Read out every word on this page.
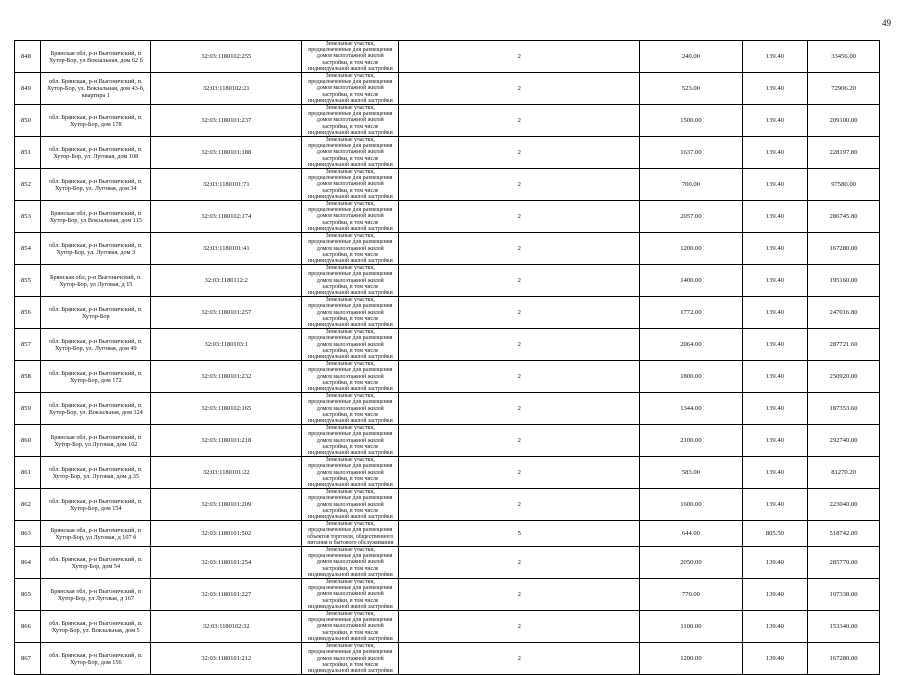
49
848	Брянская обл, р-н Выгоничский, п Хутор-Бор, ул Вокзальная, дом 62 б	32:03:1180102:255	Земельные участки, предназначенные для размещения домов малоэтажной жилой застройки, в том числе индивидуальной жилой застройки	2	240.00	139.40	33456.00
849	обл. Брянская, р-н Выгоничский, п. Хутор-Бор, ул. Вокзальная, дом 43-б, квартира 1	32:03:1180102:21	Земельные участки, предназначенные для размещения домов малоэтажной жилой застройки, в том числе индивидуальной жилой застройки	2	523.00	139.40	72906.20
850	обл. Брянская, р-н Выгоничский, п. Хутор-Бор, дом 178	32:03:1180101:237	Земельные участки, предназначенные для размещения домов малоэтажной жилой застройки, в том числе индивидуальной жилой застройки	2	1500.00	139.40	209100.00
851	обл. Брянская, р-н Выгоничский, п. Хутор-Бор, ул. Луговая, дом 108	32:03:1180101:188	Земельные участки, предназначенные для размещения домов малоэтажной жилой застройки, в том числе индивидуальной жилой застройки	2	1637.00	139.40	228197.80
852	обл. Брянская, р-н Выгоничский, п. Хутор-Бор, ул. Луговая, дом 34	32:03:1180101:71	Земельные участки, предназначенные для размещения домов малоэтажной жилой застройки, в том числе индивидуальной жилой застройки	2	700.00	139.40	97580.00
853	Брянская обл, р-н Выгоничский, п Хутор-Бор, ул Вокзальная, дом 115	32:03:1180102:174	Земельные участки, предназначенные для размещения домов малоэтажной жилой застройки, в том числе индивидуальной жилой застройки	2	2057.00	139.40	286745.80
854	обл. Брянская, р-н Выгоничский, п. Хутор-Бор, ул. Луговая, дом 3	32:03:1180101:41	Земельные участки, предназначенные для размещения домов малоэтажной жилой застройки, в том числе индивидуальной жилой застройки	2	1200.00	139.40	167280.00
855	Брянская обл, р-н Выгоничский, п. Хутор-Бор, ул Луговая, д 15	32:03:1180112:2	Земельные участки, предназначенные для размещения домов малоэтажной жилой застройки, в том числе индивидуальной жилой застройки	2	1400.00	139.40	195160.00
856	обл. Брянская, р-н Выгоничский, п. Хутор-Бор	32:03:1180101:257	Земельные участки, предназначенные для размещения домов малоэтажной жилой застройки, в том числе индивидуальной жилой застройки	2	1772.00	139.40	247016.80
857	обл. Брянская, р-н Выгоничский, п. Хутор-Бор, ул. Луговая, дом 49	32:03:1180103:1	Земельные участки, предназначенные для размещения домов малоэтажной жилой застройки, в том числе индивидуальной жилой застройки	2	2064.00	139.40	287721.60
858	обл. Брянская, р-н Выгоничский, п. Хутор-Бор, дом 172	32:03:1180101:232	Земельные участки, предназначенные для размещения домов малоэтажной жилой застройки, в том числе индивидуальной жилой застройки	2	1800.00	139.40	250920.00
859	обл. Брянская, р-н Выгоничский, п. Хутор-Бор, ул. Вокзальная, дом 124	32:03:1180102:165	Земельные участки, предназначенные для размещения домов малоэтажной жилой застройки, в том числе индивидуальной жилой застройки	2	1344.00	139.40	187353.60
860	Брянская обл, р-н Выгоничский, п Хутор-Бор, ул Луговая, дом 162	32:03:1180101:218	Земельные участки, предназначенные для размещения домов малоэтажной жилой застройки, в том числе индивидуальной жилой застройки	2	2100.00	139.40	292740.00
861	обл. Брянская, р-н Выгоничский, п. Хутор-Бор, ул. Луговая, дом д.35	32:03:1180101:22	Земельные участки, предназначенные для размещения домов малоэтажной жилой застройки, в том числе индивидуальной жилой застройки	2	583.00	139.40	81270.20
862	обл. Брянская, р-н Выгоничский, п. Хутор-Бор, дом 154	32:03:1180101:209	Земельные участки, предназначенные для размещения домов малоэтажной жилой застройки, в том числе индивидуальной жилой застройки	2	1600.00	139.40	223040.00
863	Брянская обл, р-н Выгоничский, п Хутор-Бор, ул Луговая, д 107 б	32:03:1180101:502	Земельные участки, предназначенные для размещения объектов торговли, общественного питания и бытового обслуживания	5	644.00	805.50	518742.00
864	обл. Брянская, р-н Выгоничский, п. Хутор-Бор, дом 54	32:03:1180101:254	Земельные участки, предназначенные для размещения домов малоэтажной жилой застройки, в том числе индивидуальной жилой застройки	2	2050.00	139.40	285770.00
865	Брянская обл, р-н Выгоничский, п Хутор-Бор, ул Луговая, д 167	32:03:1180101:227	Земельные участки, предназначенные для размещения домов малоэтажной жилой застройки, в том числе индивидуальной жилой застройки	2	770.00	139.40	107338.00
866	обл. Брянская, р-н Выгоничский, п. Хутор-Бор, ул. Вокзальная, дом 5	32:03:1180102:32	Земельные участки, предназначенные для размещения домов малоэтажной жилой застройки, в том числе индивидуальной жилой застройки	2	1100.00	139.40	153340.00
867	обл. Брянская, р-н Выгоничский, п. Хутор-Бор, дом 156	32:03:1180101:212	Земельные участки, предназначенные для размещения домов малоэтажной жилой застройки, в том числе индивидуальной жилой застройки	2	1200.00	139.40	167280.00
